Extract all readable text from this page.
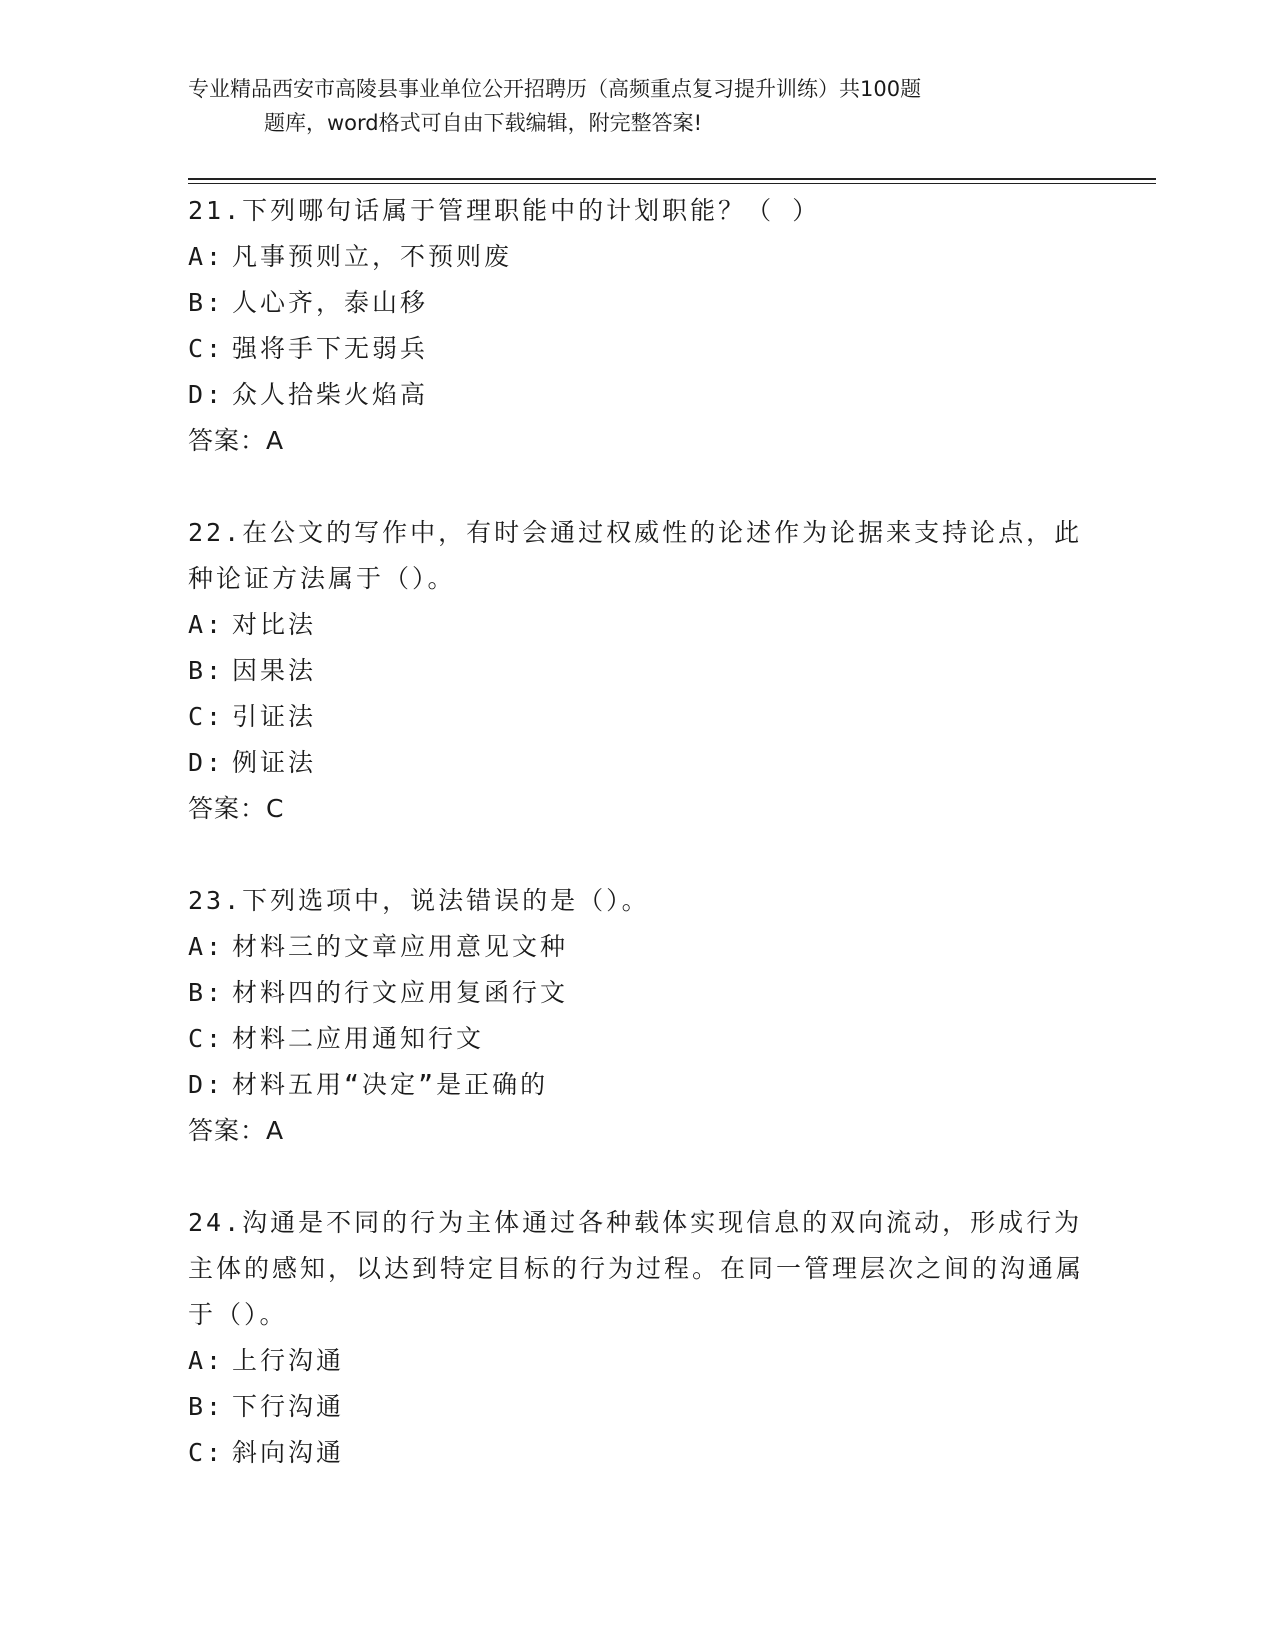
专业精品西安市高陵县事业单位公开招聘历（高频重点复习提升训练）共100题
题库，word格式可自由下载编辑，附完整答案!

21.下列哪句话属于管理职能中的计划职能？（ ）

A: 凡事预则立，不预则废

B: 人心齐，泰山移

C: 强将手下无弱兵

D: 众人拾柴火焰高

答案：A

22.在公文的写作中，有时会通过权威性的论述作为论据来支持论点，此种论证方法属于（）。

A: 对比法

B: 因果法

C: 引证法

D: 例证法

答案：C

23.下列选项中，说法错误的是（）。

A: 材料三的文章应用意见文种

B: 材料四的行文应用复函行文

C: 材料二应用通知行文

D: 材料五用“决定”是正确的

答案：A

24.沟通是不同的行为主体通过各种载体实现信息的双向流动，形成行为主体的感知，以达到特定目标的行为过程。在同一管理层次之间的沟通属于（）。

A: 上行沟通

B: 下行沟通

C: 斜向沟通
